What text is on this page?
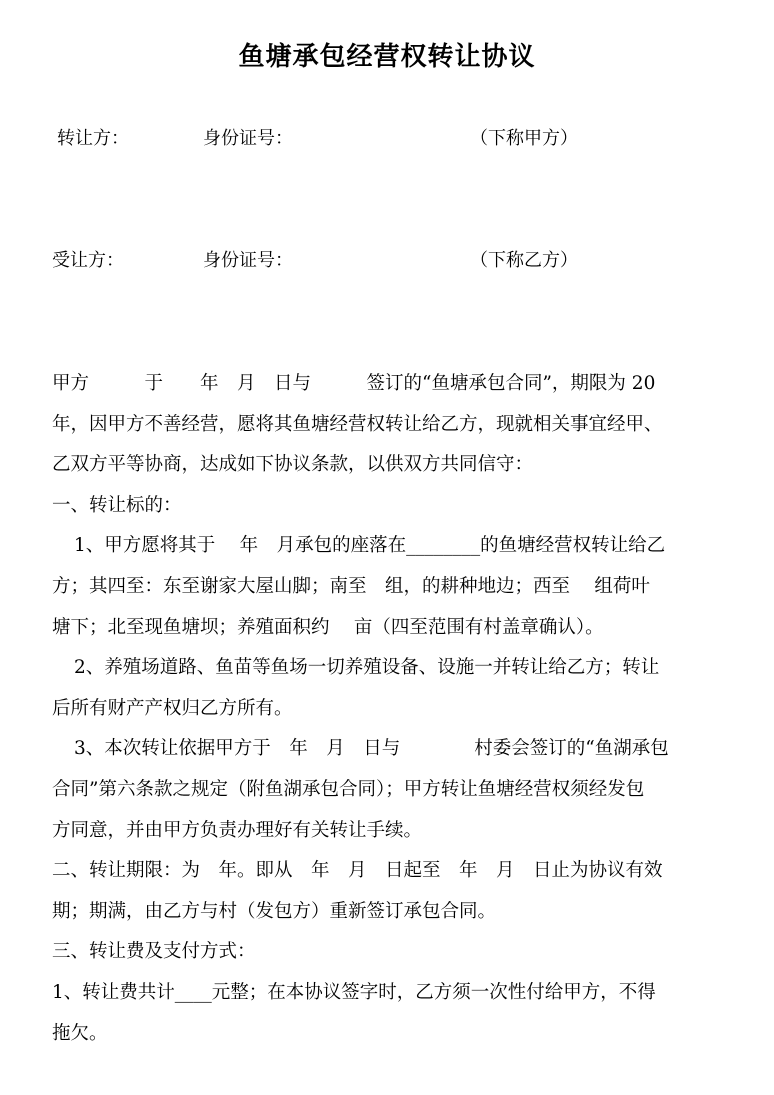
鱼塘承包经营权转让协议
转让方：	身份证号：	（下称甲方）
受让方：	身份证号：	（下称乙方）
甲方　　　于　　年　月　日与　　　签订的“鱼塘承包合同”，期限为 20
年，因甲方不善经营，愿将其鱼塘经营权转让给乙方，现就相关事宜经甲、
乙双方平等协商，达成如下协议条款，以供双方共同信守：
一、转让标的：
1、甲方愿将其于　 年　月承包的座落在________的鱼塘经营权转让给乙
方；其四至：东至谢家大屋山脚；南至　组，的耕种地边；西至　 组荷叶
塘下；北至现鱼塘坝；养殖面积约　 亩（四至范围有村盖章确认）。
2、养殖场道路、鱼苗等鱼场一切养殖设备、设施一并转让给乙方；转让
后所有财产产权归乙方所有。
3、本次转让依据甲方于　年　月　日与　　　　村委会签订的“鱼湖承包
合同”第六条款之规定（附鱼湖承包合同）；甲方转让鱼塘经营权须经发包
方同意，并由甲方负责办理好有关转让手续。
二、转让期限：为　年。即从　年　月　日起至　年　月　日止为协议有效
期；期满，由乙方与村（发包方）重新签订承包合同。
三、转让费及支付方式：
1、转让费共计____元整；在本协议签字时，乙方须一次性付给甲方，不得
拖欠。
